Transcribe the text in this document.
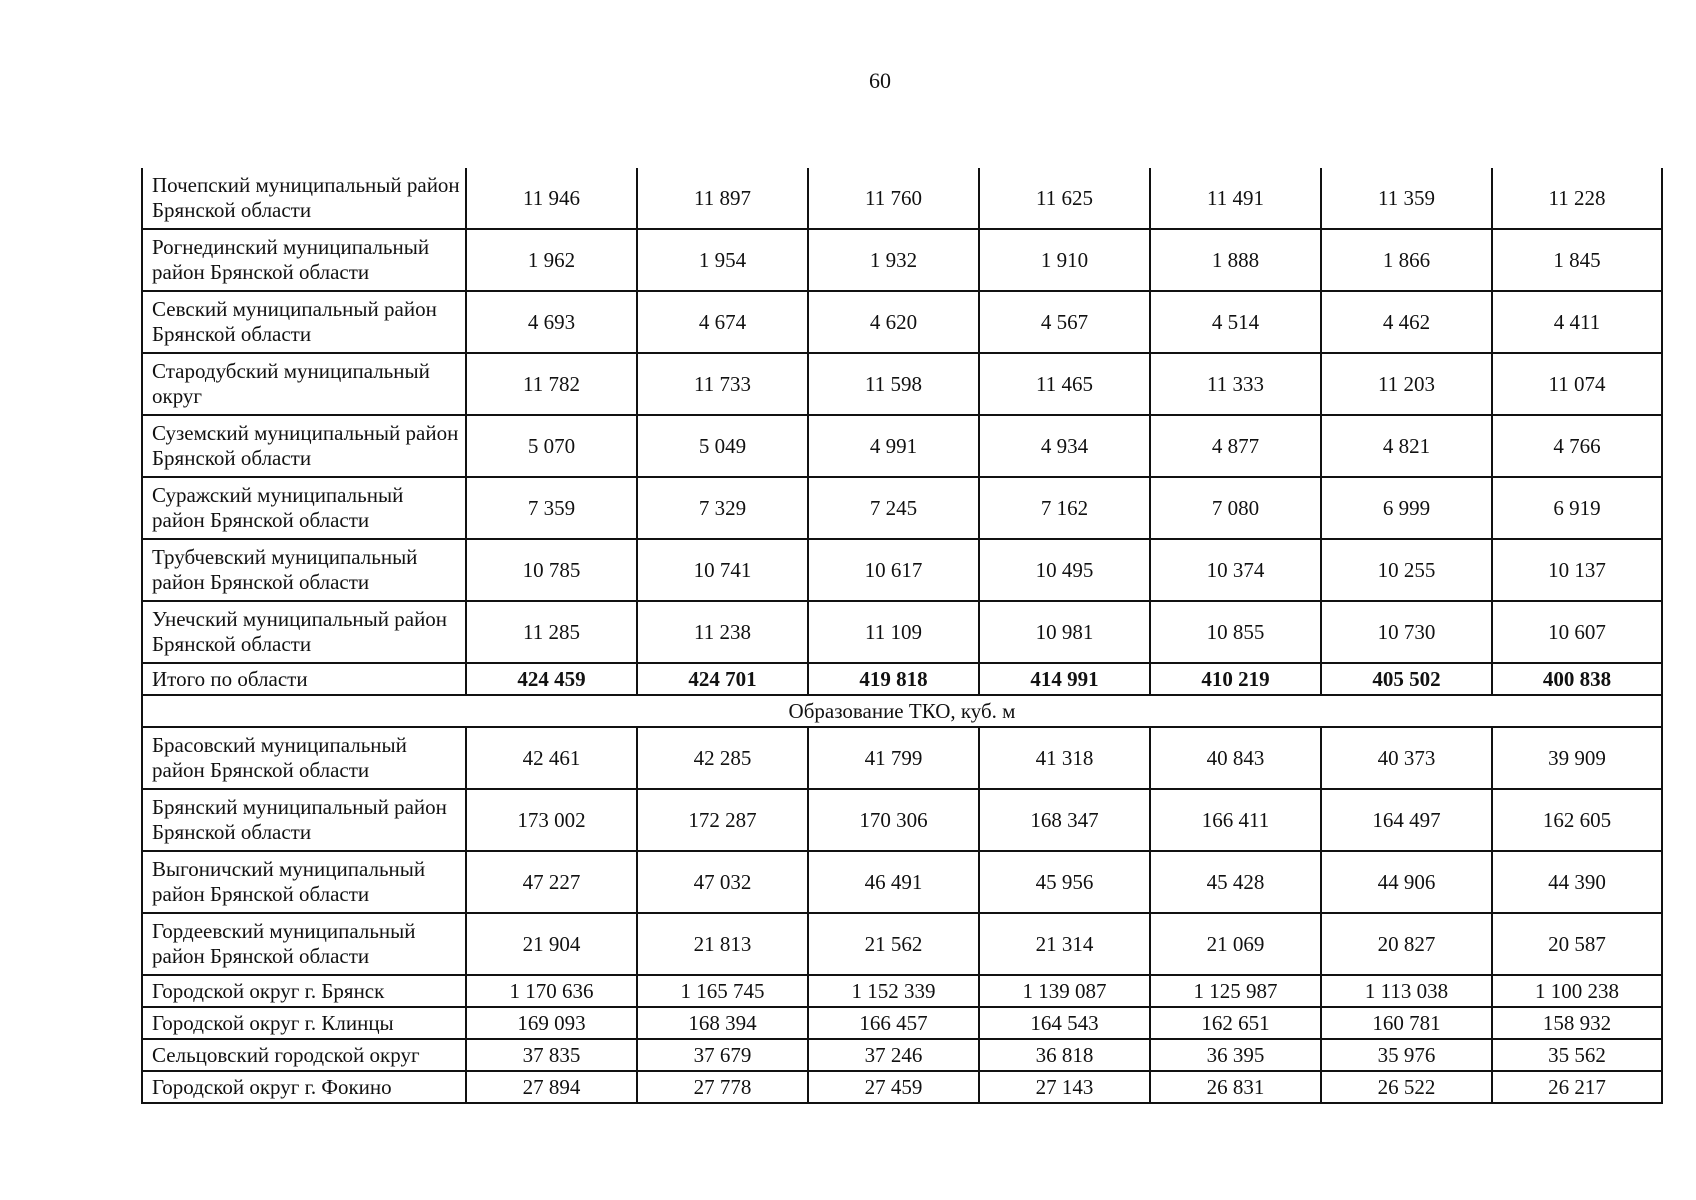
60
Почепский муниципальный район Брянской области	11 946	11 897	11 760	11 625	11 491	11 359	11 228
Рогнединский муниципальный район Брянской области	1 962	1 954	1 932	1 910	1 888	1 866	1 845
Севский муниципальный район Брянской области	4 693	4 674	4 620	4 567	4 514	4 462	4 411
Стародубский муниципальный округ	11 782	11 733	11 598	11 465	11 333	11 203	11 074
Суземский муниципальный район Брянской области	5 070	5 049	4 991	4 934	4 877	4 821	4 766
Суражский муниципальный район Брянской области	7 359	7 329	7 245	7 162	7 080	6 999	6 919
Трубчевский муниципальный район Брянской области	10 785	10 741	10 617	10 495	10 374	10 255	10 137
Унечский муниципальный район Брянской области	11 285	11 238	11 109	10 981	10 855	10 730	10 607
Итого по области	424 459	424 701	419 818	414 991	410 219	405 502	400 838
Образование ТКО, куб. м							
Брасовский муниципальный район Брянской области	42 461	42 285	41 799	41 318	40 843	40 373	39 909
Брянский муниципальный район Брянской области	173 002	172 287	170 306	168 347	166 411	164 497	162 605
Выгоничский муниципальный район Брянской области	47 227	47 032	46 491	45 956	45 428	44 906	44 390
Гордеевский муниципальный район Брянской области	21 904	21 813	21 562	21 314	21 069	20 827	20 587
Городской округ г. Брянск	1 170 636	1 165 745	1 152 339	1 139 087	1 125 987	1 113 038	1 100 238
Городской округ г. Клинцы	169 093	168 394	166 457	164 543	162 651	160 781	158 932
Сельцовский городской округ	37 835	37 679	37 246	36 818	36 395	35 976	35 562
Городской округ г. Фокино	27 894	27 778	27 459	27 143	26 831	26 522	26 217
